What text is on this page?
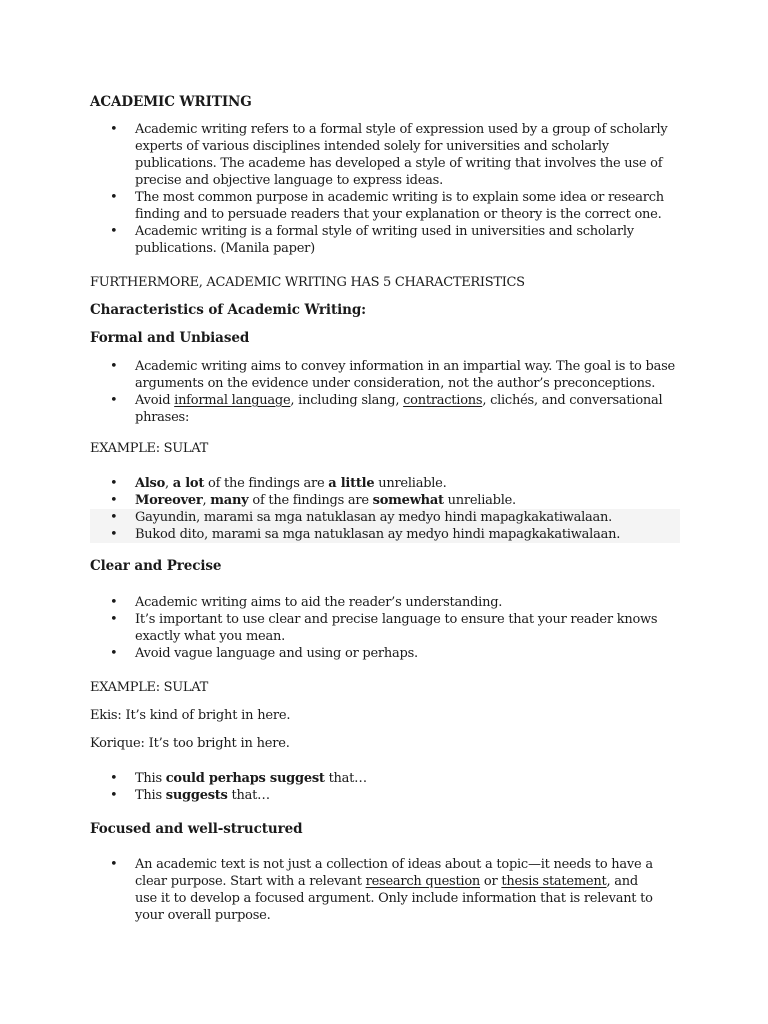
ACADEMIC WRITING
• Academic writing refers to a formal style of expression used by a group of scholarly experts of various disciplines intended solely for universities and scholarly publications. The academe has developed a style of writing that involves the use of precise and objective language to express ideas.
• The most common purpose in academic writing is to explain some idea or research finding and to persuade readers that your explanation or theory is the correct one.
• Academic writing is a formal style of writing used in universities and scholarly publications. (Manila paper)
FURTHERMORE, ACADEMIC WRITING HAS 5 CHARACTERISTICS
Characteristics of Academic Writing:
Formal and Unbiased
• Academic writing aims to convey information in an impartial way. The goal is to base arguments on the evidence under consideration, not the author’s preconceptions.
• Avoid informal language, including slang, contractions, clichés, and conversational phrases:
EXAMPLE: SULAT
• Also, a lot of the findings are a little unreliable.
• Moreover, many of the findings are somewhat unreliable.
• Gayundin, marami sa mga natuklasan ay medyo hindi mapagkakatiwalaan.
• Bukod dito, marami sa mga natuklasan ay medyo hindi mapagkakatiwalaan.
Clear and Precise
• Academic writing aims to aid the reader’s understanding.
• It’s important to use clear and precise language to ensure that your reader knows exactly what you mean.
• Avoid vague language and using or perhaps.
EXAMPLE: SULAT
Ekis: It’s kind of bright in here.
Korique: It’s too bright in here.
• This could perhaps suggest that…
• This suggests that…
Focused and well-structured
• An academic text is not just a collection of ideas about a topic—it needs to have a clear purpose. Start with a relevant research question or thesis statement, and use it to develop a focused argument. Only include information that is relevant to your overall purpose.
